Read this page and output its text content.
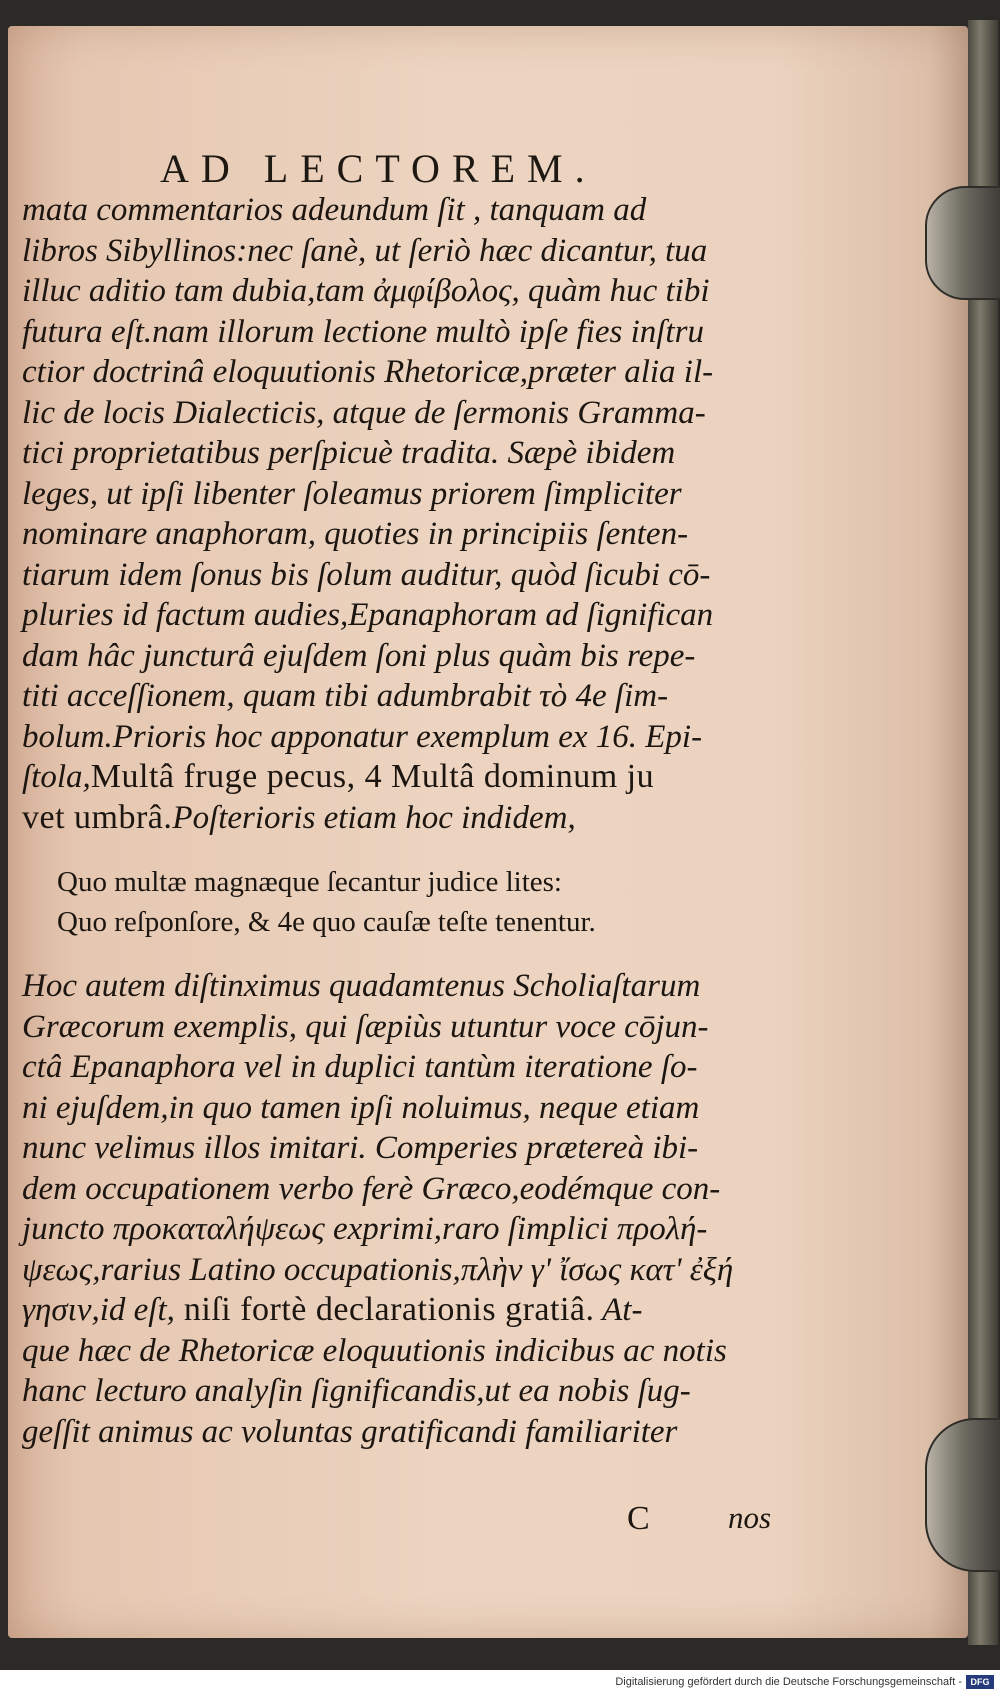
AD LECTOREM.
mata commentarios adeundum ſit , tanquam ad
libros Sibyllinos:nec ſanè, ut ſeriò hæc dicantur, tua
illuc aditio tam dubia,tam ἀμφίβολος, quàm huc tibi
futura eſt.nam illorum lectione multò ipſe fies inſtru
ctior doctrinâ eloquutionis Rhetoricæ,præter alia il-
lic de locis Dialecticis, atque de ſermonis Gramma-
tici proprietatibus perſpicuè tradita. Sæpè ibidem
leges, ut ipſi libenter ſoleamus priorem ſimpliciter
nominare anaphoram, quoties in principiis ſenten-
tiarum idem ſonus bis ſolum auditur, quòd ſicubi cō-
pluries id factum audies,Epanaphoram ad ſignifican
dam hâc juncturâ ejuſdem ſoni plus quàm bis repe-
titi acceſſionem, quam tibi adumbrabit τὸ 4e ſim-
bolum.Prioris hoc apponatur exemplum ex 16. Epi-
ſtola,Multâ fruge pecus, 4 Multâ dominum ju
vet umbrâ.Poſterioris etiam hoc indidem,
Quo multæ magnæque ſecantur judice lites:
Quo reſponſore, & 4e quo cauſæ teſte tenentur.
Hoc autem diſtinximus quadamtenus Scholiaſtarum
Græcorum exemplis, qui ſæpiùs utuntur voce cōjun-
ctâ Epanaphora vel in duplici tantùm iteratione ſo-
ni ejuſdem,in quo tamen ipſi noluimus, neque etiam
nunc velimus illos imitari. Comperies prætereà ibi-
dem occupationem verbo ferè Græco,eodémque con-
juncto προκαταλήψεως exprimi,raro ſimplici προλή-
ψεως,rarius Latino occupationis,πλὴν γ' ἴσως κατ' ἐξή
γησιν,id eſt, niſi fortè declarationis gratiâ. At-
que hæc de Rhetoricæ eloquutionis indicibus ac notis
hanc lecturo analyſin ſignificandis,ut ea nobis ſug-
geſſit animus ac voluntas gratificandi familiariter
C	nos
Digitalisierung gefördert durch die Deutsche Forschungsgemeinschaft - DFG
